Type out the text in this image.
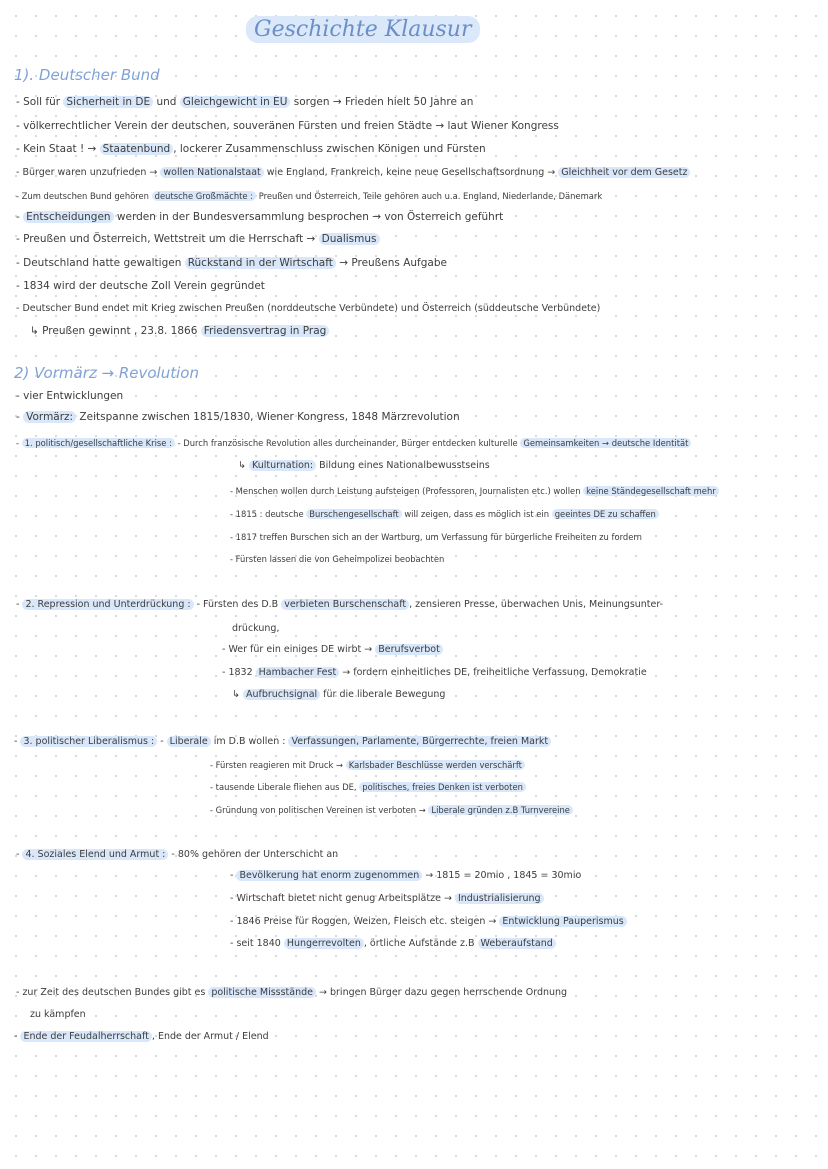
Geschichte Klausur
1). Deutscher Bund
- Soll für Sicherheit in DE und Gleichgewicht in EU sorgen → Frieden hielt 50 Jahre an
- völkerrechtlicher Verein der deutschen, souveränen Fürsten und freien Städte → laut Wiener Kongress
- Kein Staat ! → Staatenbund , lockerer Zusammenschluss zwischen Königen und Fürsten
- Bürger waren unzufrieden → wollen Nationalstaat wie England, Frankreich, keine neue Gesellschaftsordnung → Gleichheit vor dem Gesetz
- Zum deutschen Bund gehören deutsche Großmächte : Preußen und Österreich, Teile gehören auch u.a. England, Niederlande, Dänemark
- Entscheidungen werden in der Bundesversammlung besprochen → von Österreich geführt
- Preußen und Österreich, Wettstreit um die Herrschaft → Dualismus
- Deutschland hatte gewaltigen Rückstand in der Wirtschaft → Preußens Aufgabe
- 1834 wird der deutsche Zoll Verein gegründet
- Deutscher Bund endet mit Krieg zwischen Preußen (norddeutsche Verbündete) und Österreich (süddeutsche Verbündete)
↳ Preußen gewinnt , 23.8. 1866 Friedensvertrag in Prag
2) Vormärz → Revolution
- vier Entwicklungen
- Vormärz: Zeitspanne zwischen 1815/1830, Wiener Kongress, 1848 Märzrevolution
- 1. politisch/gesellschaftliche Krise : - Durch französische Revolution alles durcheinander, Bürger entdecken kulturelle Gemeinsamkeiten → deutsche Identität
↳ Kulturnation: Bildung eines Nationalbewusstseins
- Menschen wollen durch Leistung aufsteigen (Professoren, Journalisten etc.) wollen keine Ständegesellschaft mehr
- 1815 : deutsche Burschengesellschaft will zeigen, dass es möglich ist ein geeintes DE zu schaffen
- 1817 treffen Burschen sich an der Wartburg, um Verfassung für bürgerliche Freiheiten zu fordern
- Fürsten lassen die von Geheimpolizei beobachten
- 2. Repression und Unterdrückung : - Fürsten des D.B verbieten Burschenschaft , zensieren Presse, überwachen Unis, Meinungsunter-
drückung,
- Wer für ein einiges DE wirbt → Berufsverbot
- 1832 Hambacher Fest → fordern einheitliches DE, freiheitliche Verfassung, Demokratie
↳ Aufbruchsignal für die liberale Bewegung
- 3. politischer Liberalismus : - Liberale im D.B wollen : Verfassungen, Parlamente, Bürgerrechte, freien Markt
- Fürsten reagieren mit Druck → Karlsbader Beschlüsse werden verschärft
- tausende Liberale fliehen aus DE, politisches, freies Denken ist verboten
- Gründung von politischen Vereinen ist verboten → Liberale gründen z.B Turnvereine
- 4. Soziales Elend und Armut : - 80% gehören der Unterschicht an
- Bevölkerung hat enorm zugenommen → 1815 = 20mio , 1845 = 30mio
- Wirtschaft bietet nicht genug Arbeitsplätze → Industrialisierung
- 1846 Preise für Roggen, Weizen, Fleisch etc. steigen → Entwicklung Pauperismus
- seit 1840 Hungerrevolten , örtliche Aufstände z.B Weberaufstand
- zur Zeit des deutschen Bundes gibt es politische Missstände → bringen Bürger dazu gegen herrschende Ordnung
zu kämpfen
- Ende der Feudalherrschaft , Ende der Armut / Elend
